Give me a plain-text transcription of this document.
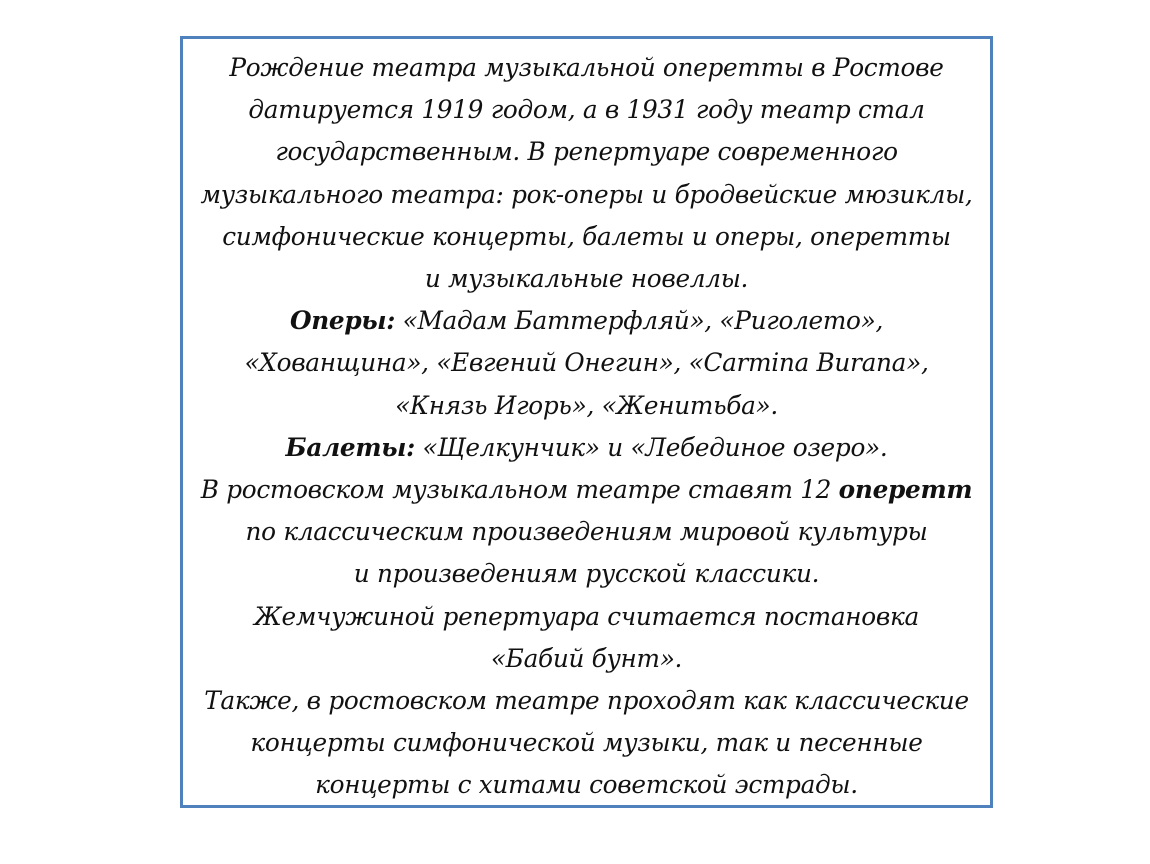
Рождение театра музыкальной оперетты в Ростове
датируется 1919 годом, а в 1931 году театр стал
государственным. В репертуаре современного
музыкального театра: рок-оперы и бродвейские мюзиклы,
симфонические концерты, балеты и оперы, оперетты
и музыкальные новеллы.
Оперы: «Мадам Баттерфляй», «Риголето»,
«Хованщина», «Евгений Онегин», «Carmina Burana»,
«Князь Игорь», «Женитьба».
Балеты: «Щелкунчик» и «Лебединое озеро».
В ростовском музыкальном театре ставят 12 оперетт
по классическим произведениям мировой культуры
и произведениям русской классики.
Жемчужиной репертуара считается постановка
«Бабий бунт».
Также, в ростовском театре проходят как классические
концерты симфонической музыки, так и песенные
концерты с хитами советской эстрады.
